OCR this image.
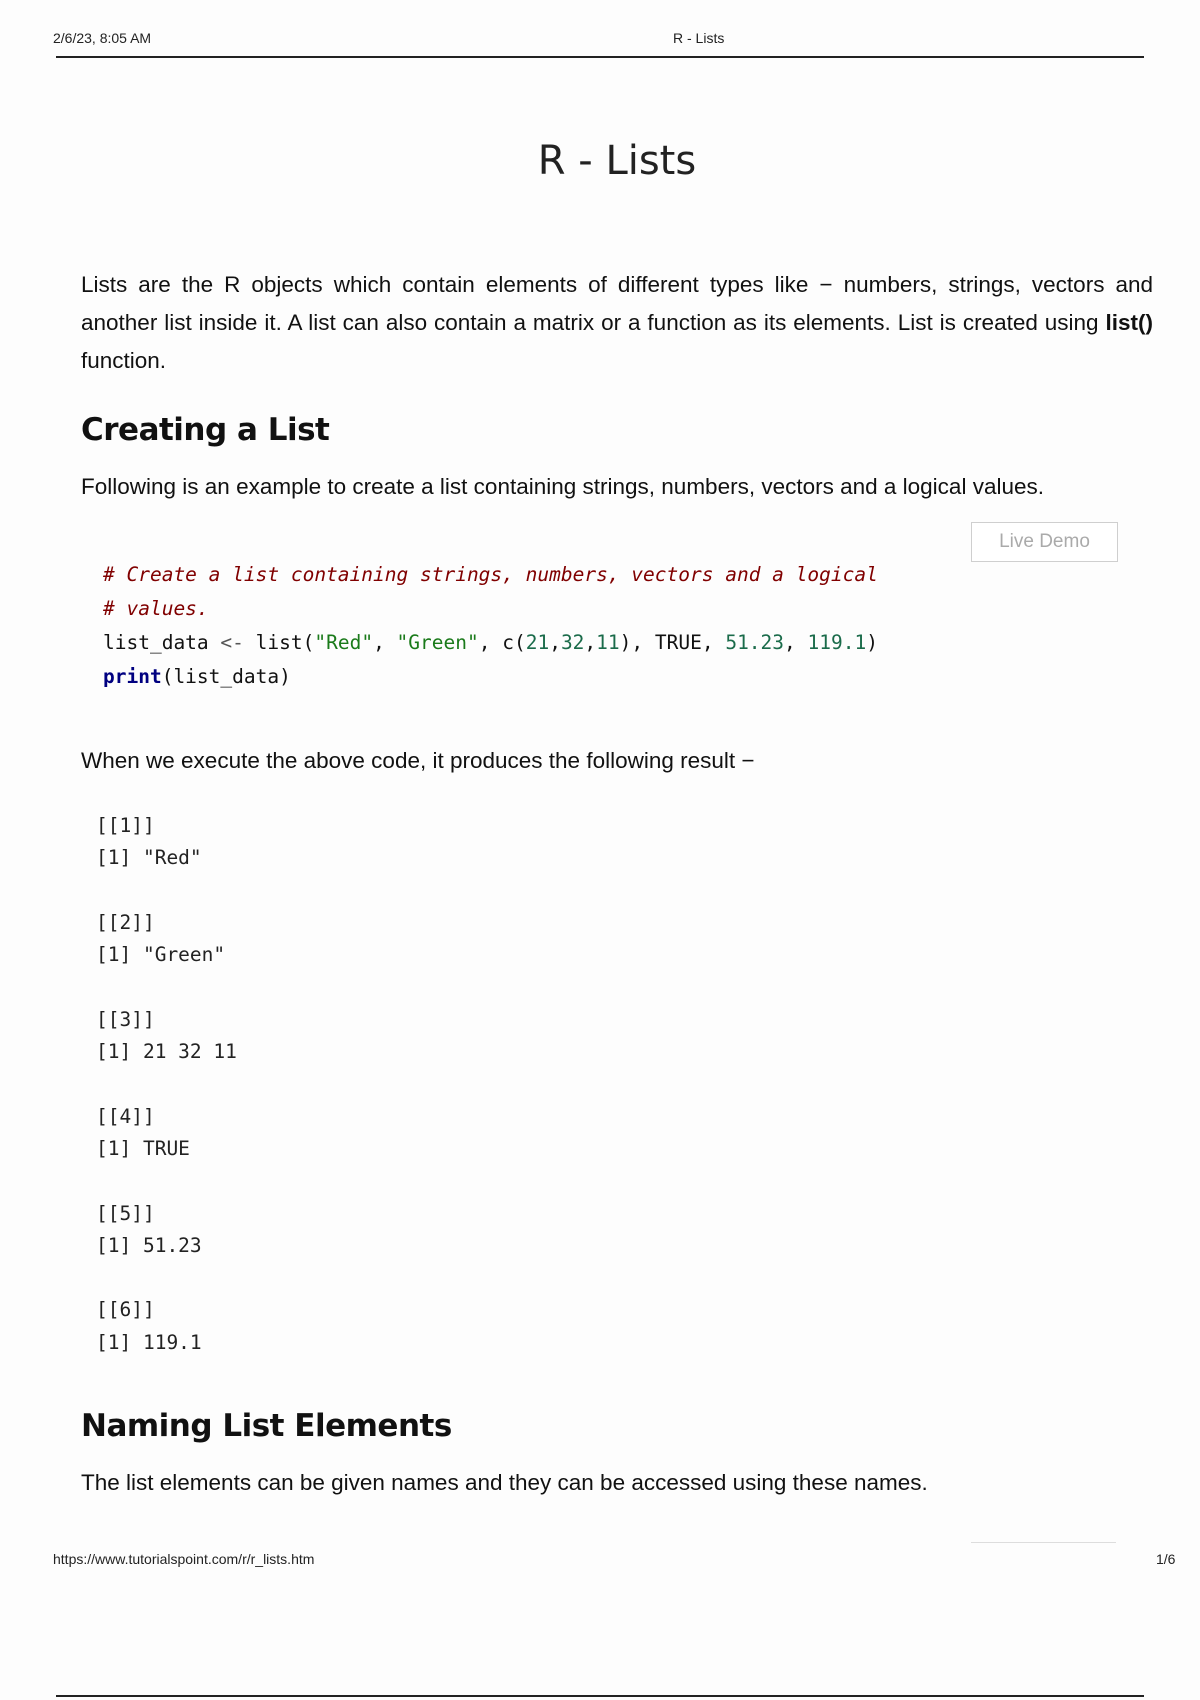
2/6/23, 8:05 AM	R - Lists
R - Lists

Lists are the R objects which contain elements of different types like − numbers, strings, vectors and another list inside it. A list can also contain a matrix or a function as its elements. List is created using list() function.

Creating a List

Following is an example to create a list containing strings, numbers, vectors and a logical values.

Live Demo
# Create a list containing strings, numbers, vectors and a logical
# values.
list_data <- list("Red", "Green", c(21,32,11), TRUE, 51.23, 119.1)
print(list_data)

When we execute the above code, it produces the following result −

[[1]]
[1] "Red"

[[2]]
[1] "Green"

[[3]]
[1] 21 32 11

[[4]]
[1] TRUE

[[5]]
[1] 51.23

[[6]]
[1] 119.1
Naming List Elements

The list elements can be given names and they can be accessed using these names.

https://www.tutorialspoint.com/r/r_lists.htm	1/6
